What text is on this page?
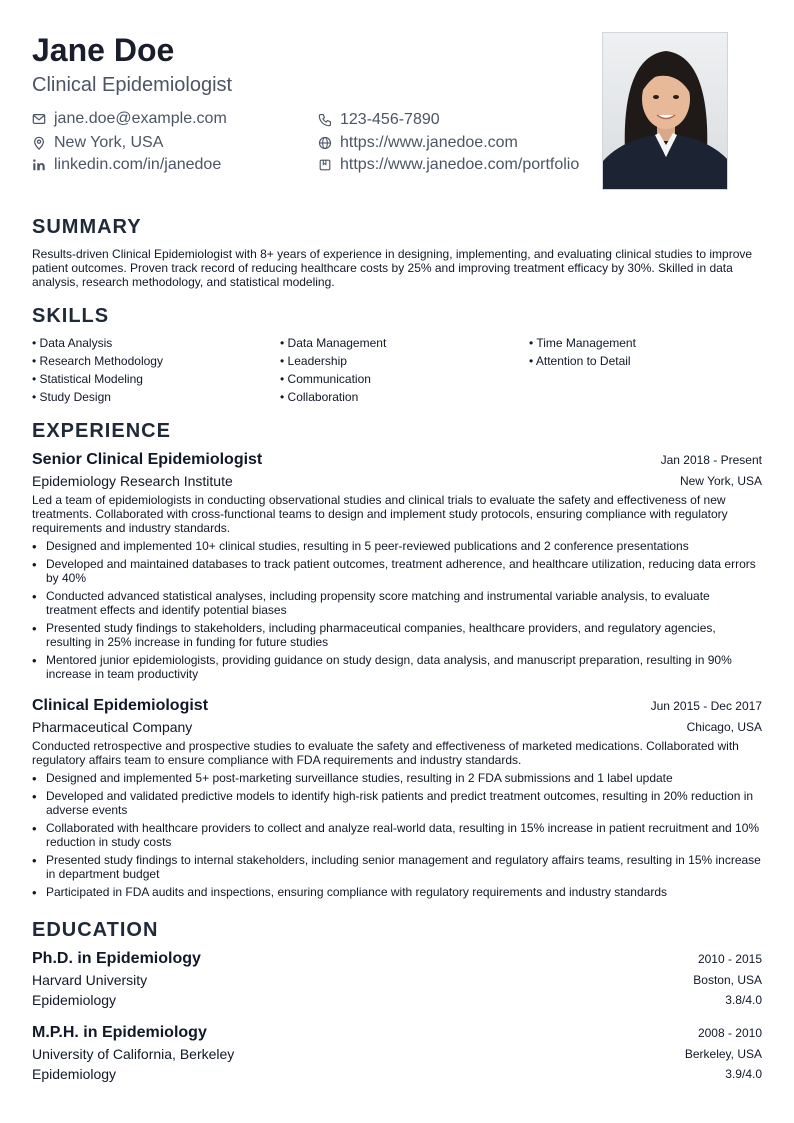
Jane Doe
Clinical Epidemiologist
jane.doe@example.com	123-456-7890
New York, USA	https://www.janedoe.com
linkedin.com/in/janedoe	https://www.janedoe.com/portfolio
SUMMARY
Results-driven Clinical Epidemiologist with 8+ years of experience in designing, implementing, and evaluating clinical studies to improve patient outcomes. Proven track record of reducing healthcare costs by 25% and improving treatment efficacy by 30%. Skilled in data analysis, research methodology, and statistical modeling.
SKILLS
• Data Analysis
• Research Methodology
• Statistical Modeling
• Study Design
• Data Management
• Leadership
• Communication
• Collaboration
• Time Management
• Attention to Detail
EXPERIENCE
Senior Clinical Epidemiologist	Jan 2018 - Present
Epidemiology Research Institute	New York, USA
Led a team of epidemiologists in conducting observational studies and clinical trials to evaluate the safety and effectiveness of new treatments. Collaborated with cross-functional teams to design and implement study protocols, ensuring compliance with regulatory requirements and industry standards.
• Designed and implemented 10+ clinical studies, resulting in 5 peer-reviewed publications and 2 conference presentations
• Developed and maintained databases to track patient outcomes, treatment adherence, and healthcare utilization, reducing data errors by 40%
• Conducted advanced statistical analyses, including propensity score matching and instrumental variable analysis, to evaluate treatment effects and identify potential biases
• Presented study findings to stakeholders, including pharmaceutical companies, healthcare providers, and regulatory agencies, resulting in 25% increase in funding for future studies
• Mentored junior epidemiologists, providing guidance on study design, data analysis, and manuscript preparation, resulting in 90% increase in team productivity
Clinical Epidemiologist	Jun 2015 - Dec 2017
Pharmaceutical Company	Chicago, USA
Conducted retrospective and prospective studies to evaluate the safety and effectiveness of marketed medications. Collaborated with regulatory affairs team to ensure compliance with FDA requirements and industry standards.
• Designed and implemented 5+ post-marketing surveillance studies, resulting in 2 FDA submissions and 1 label update
• Developed and validated predictive models to identify high-risk patients and predict treatment outcomes, resulting in 20% reduction in adverse events
• Collaborated with healthcare providers to collect and analyze real-world data, resulting in 15% increase in patient recruitment and 10% reduction in study costs
• Presented study findings to internal stakeholders, including senior management and regulatory affairs teams, resulting in 15% increase in department budget
• Participated in FDA audits and inspections, ensuring compliance with regulatory requirements and industry standards
EDUCATION
Ph.D. in Epidemiology	2010 - 2015
Harvard University	Boston, USA
Epidemiology	3.8/4.0
M.P.H. in Epidemiology	2008 - 2010
University of California, Berkeley	Berkeley, USA
Epidemiology	3.9/4.0
